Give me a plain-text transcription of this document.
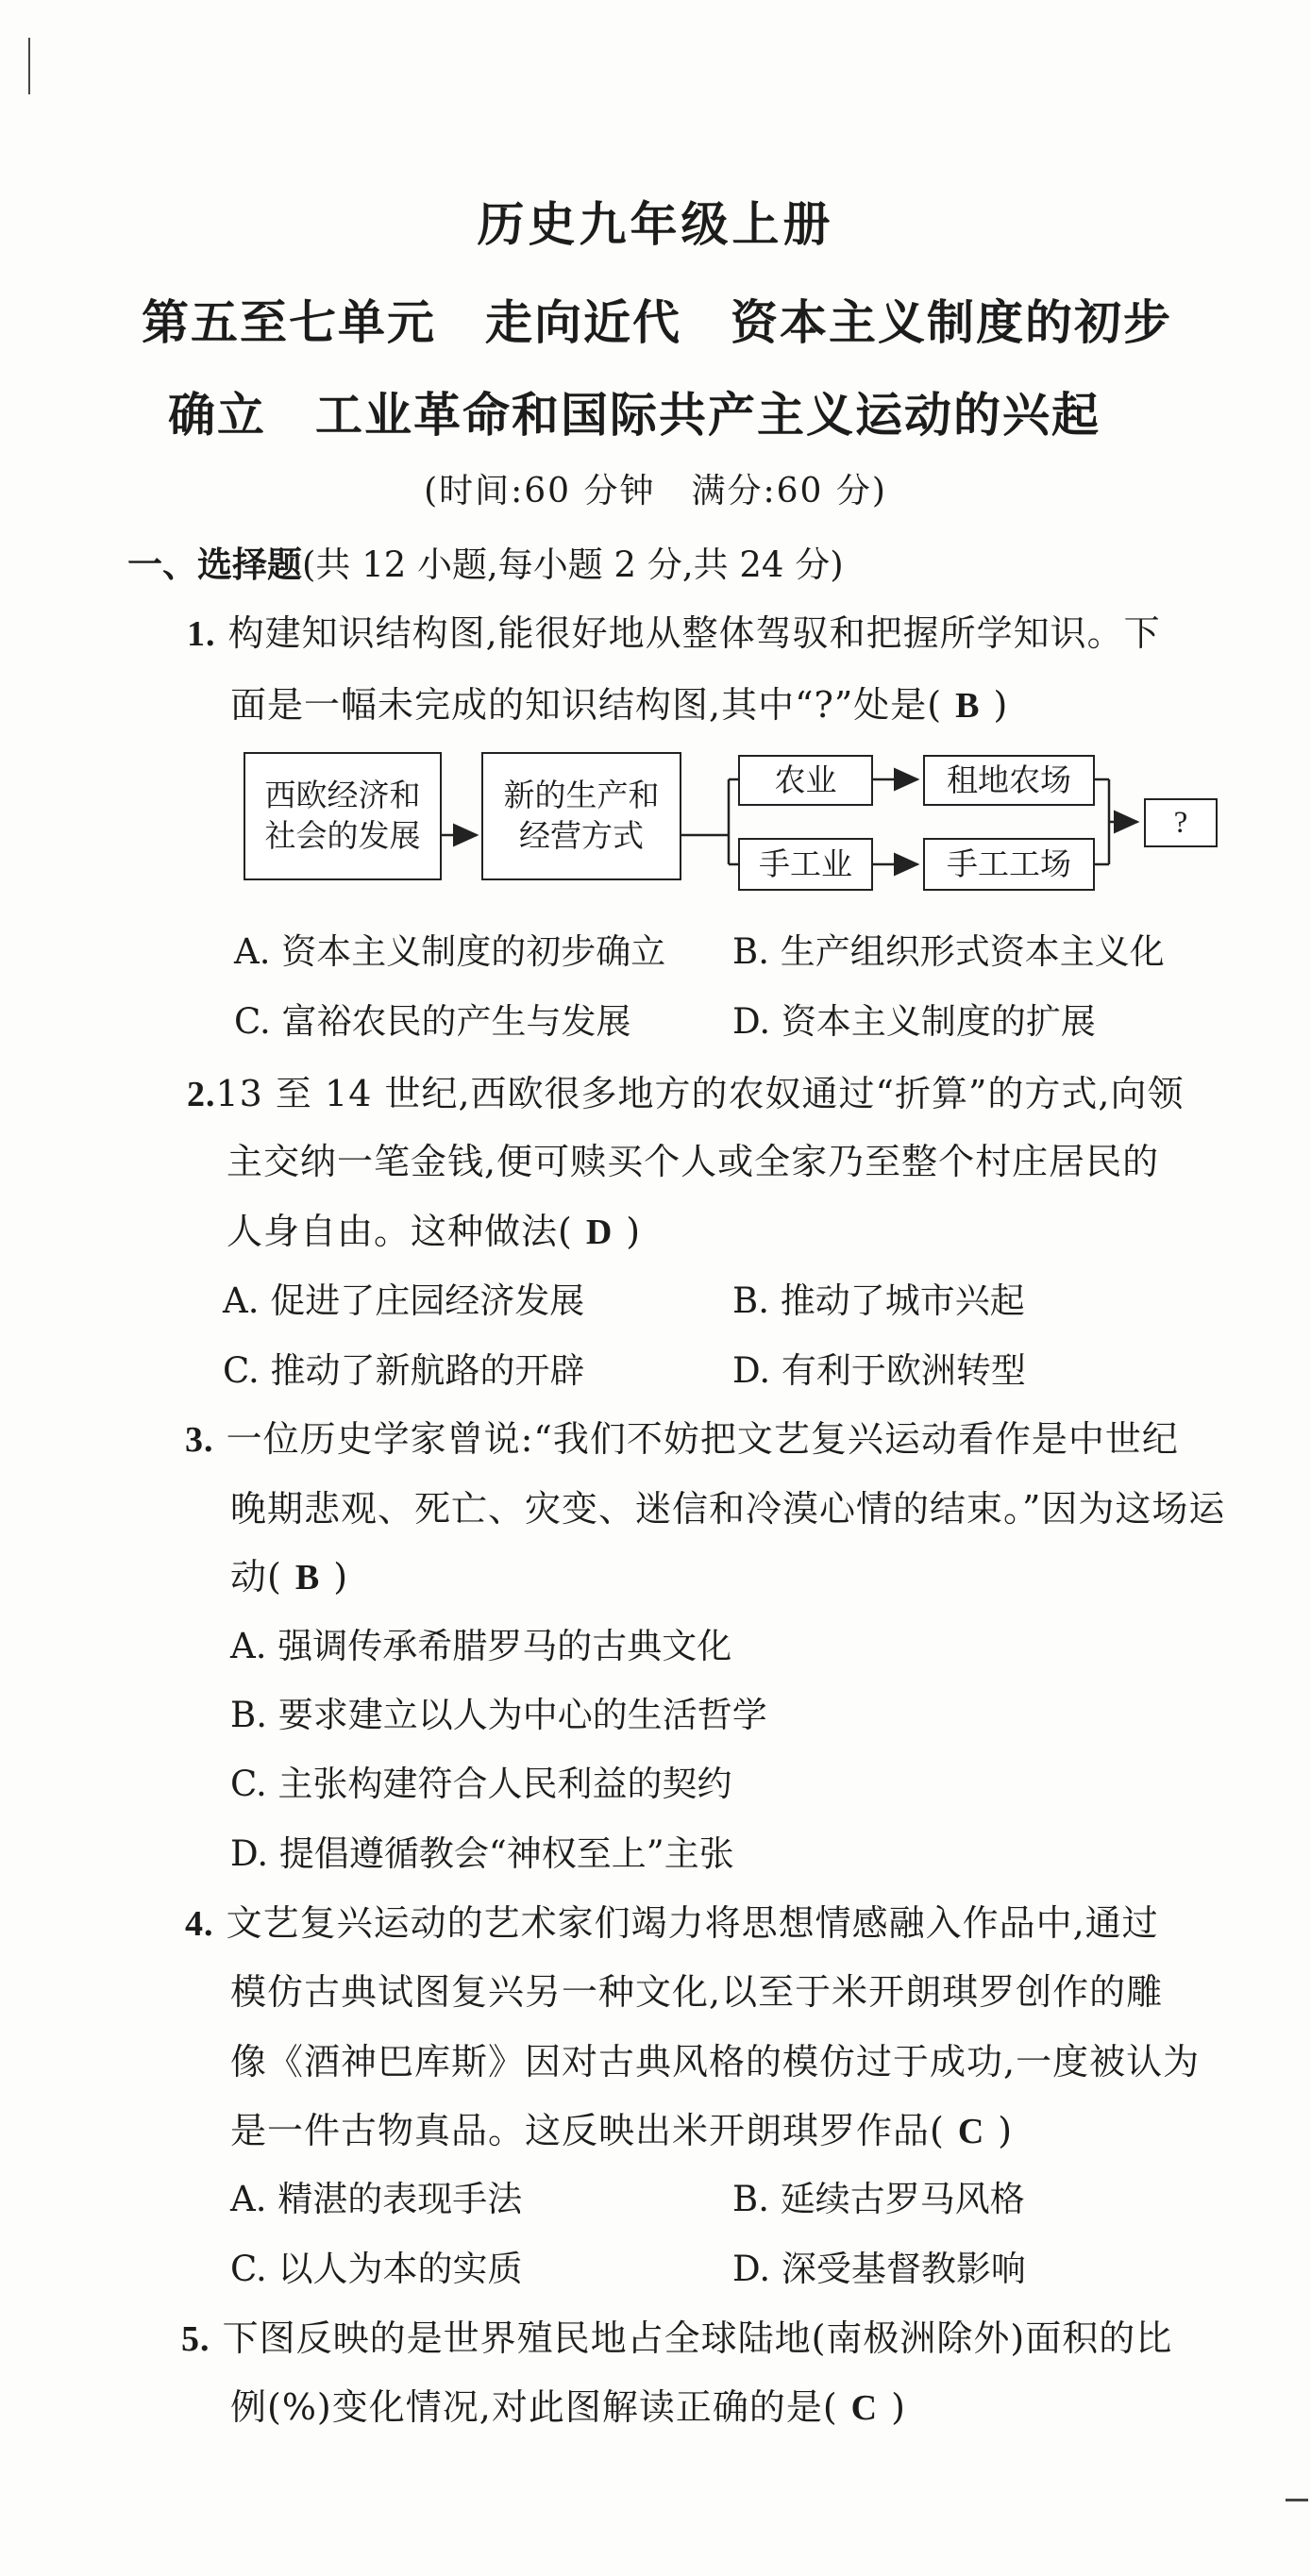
历史九年级上册
第五至七单元　走向近代　资本主义制度的初步
确立　工业革命和国际共产主义运动的兴起
(时间:60 分钟　满分:60 分)
一、选择题(共 12 小题,每小题 2 分,共 24 分)
1. 构建知识结构图,能很好地从整体驾驭和把握所学知识。下
面是一幅未完成的知识结构图,其中“?”处是( B )
西欧经济和社会的发展
新的生产和经营方式
农业
手工业
租地农场
手工工场
?
A. 资本主义制度的初步确立 B. 生产组织形式资本主义化
C. 富裕农民的产生与发展	D. 资本主义制度的扩展
2.13 至 14 世纪,西欧很多地方的农奴通过“折算”的方式,向领
主交纳一笔金钱,便可赎买个人或全家乃至整个村庄居民的
人身自由。这种做法( D )
A. 促进了庄园经济发展	B. 推动了城市兴起
C. 推动了新航路的开辟	D. 有利于欧洲转型
3. 一位历史学家曾说:“我们不妨把文艺复兴运动看作是中世纪
晚期悲观、死亡、灾变、迷信和冷漠心情的结束。”因为这场运
动( B )
A. 强调传承希腊罗马的古典文化
B. 要求建立以人为中心的生活哲学
C. 主张构建符合人民利益的契约
D. 提倡遵循教会“神权至上”主张
4. 文艺复兴运动的艺术家们竭力将思想情感融入作品中,通过
模仿古典试图复兴另一种文化,以至于米开朗琪罗创作的雕
像《酒神巴库斯》因对古典风格的模仿过于成功,一度被认为
是一件古物真品。这反映出米开朗琪罗作品( C )
A. 精湛的表现手法	B. 延续古罗马风格
C. 以人为本的实质	D. 深受基督教影响
5. 下图反映的是世界殖民地占全球陆地(南极洲除外)面积的比
例(%)变化情况,对此图解读正确的是( C )
